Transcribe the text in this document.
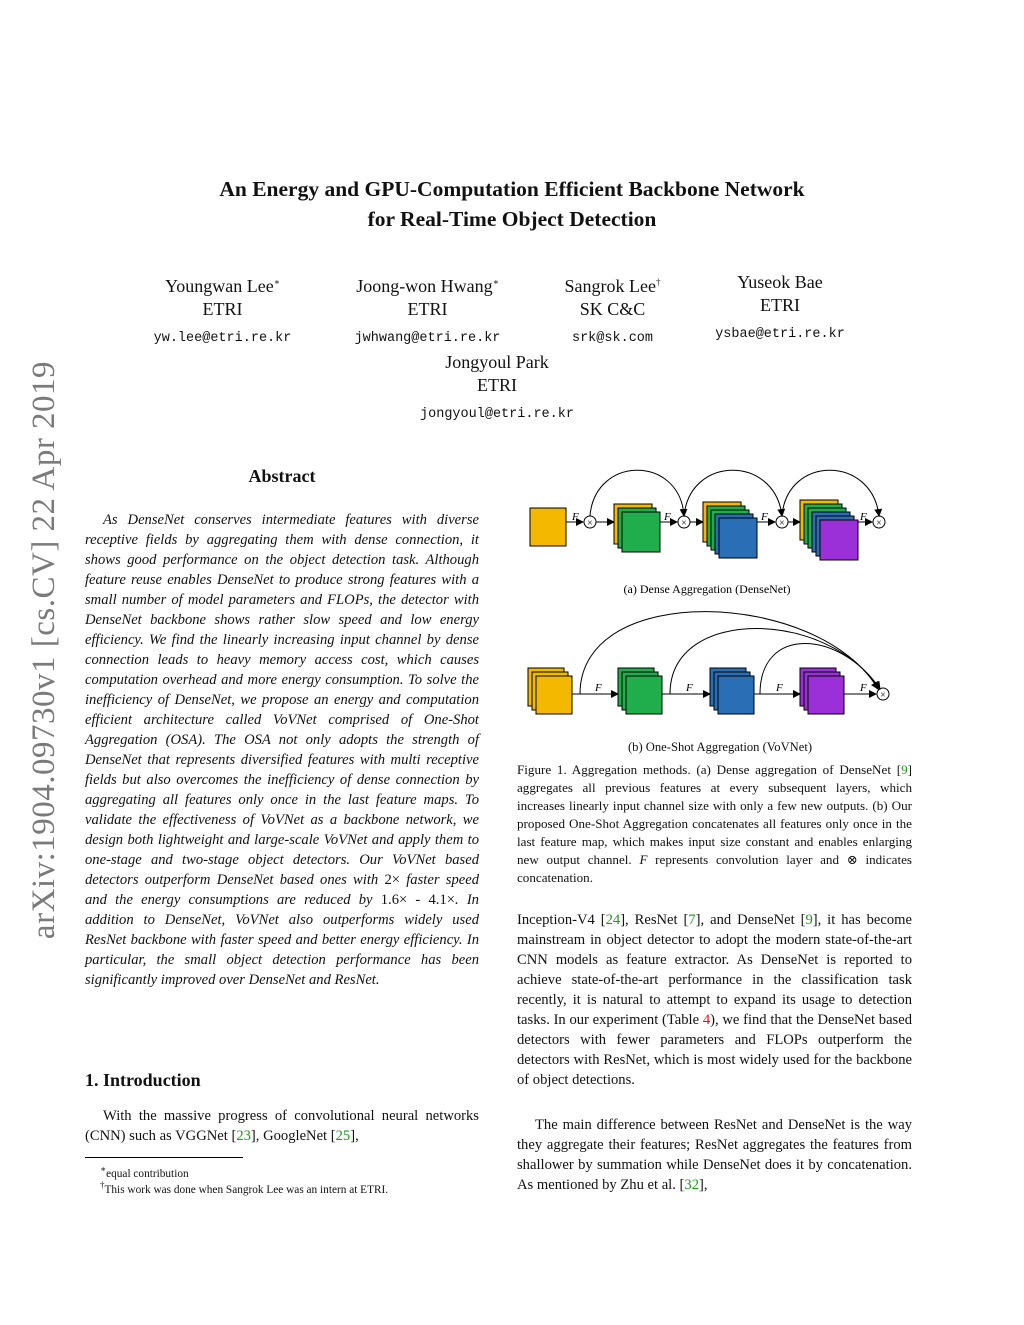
arXiv:1904.09730v1 [cs.CV] 22 Apr 2019
An Energy and GPU-Computation Efficient Backbone Network
for Real-Time Object Detection
Youngwan Lee∗
ETRI
yw.lee@etri.re.kr
Joong-won Hwang∗
ETRI
jwhwang@etri.re.kr
Sangrok Lee†
SK C&C
srk@sk.com
Yuseok Bae
ETRI
ysbae@etri.re.kr
Jongyoul Park
ETRI
jongyoul@etri.re.kr
Abstract
As DenseNet conserves intermediate features with diverse receptive fields by aggregating them with dense connection, it shows good performance on the object detection task. Although feature reuse enables DenseNet to produce strong features with a small number of model parameters and FLOPs, the detector with DenseNet backbone shows rather slow speed and low energy efficiency. We find the linearly increasing input channel by dense connection leads to heavy memory access cost, which causes computation overhead and more energy consumption. To solve the inefficiency of DenseNet, we propose an energy and computation efficient architecture called VoVNet comprised of One-Shot Aggregation (OSA). The OSA not only adopts the strength of DenseNet that represents diversified features with multi receptive fields but also overcomes the inefficiency of dense connection by aggregating all features only once in the last feature maps. To validate the effectiveness of VoVNet as a backbone network, we design both lightweight and large-scale VoVNet and apply them to one-stage and two-stage object detectors. Our VoVNet based detectors outperform DenseNet based ones with 2× faster speed and the energy consumptions are reduced by 1.6× - 4.1×. In addition to DenseNet, VoVNet also outperforms widely used ResNet backbone with faster speed and better energy efficiency. In particular, the small object detection performance has been significantly improved over DenseNet and ResNet.
1. Introduction
With the massive progress of convolutional neural networks (CNN) such as VGGNet [23], GoogleNet [25],
∗equal contribution
†This work was done when Sangrok Lee was an intern at ETRI.
×
F	F
×
F
×
F
×
(a) Dense Aggregation (DenseNet)
F	F	F	F
×
(b) One-Shot Aggregation (VoVNet)
Figure 1. Aggregation methods. (a) Dense aggregation of DenseNet [9] aggregates all previous features at every subsequent layers, which increases linearly input channel size with only a few new outputs. (b) Our proposed One-Shot Aggregation concatenates all features only once in the last feature map, which makes input size constant and enables enlarging new output channel. F represents convolution layer and ⊗ indicates concatenation.
Inception-V4 [24], ResNet [7], and DenseNet [9], it has become mainstream in object detector to adopt the modern state-of-the-art CNN models as feature extractor. As DenseNet is reported to achieve state-of-the-art performance in the classification task recently, it is natural to attempt to expand its usage to detection tasks. In our experiment (Table 4), we find that the DenseNet based detectors with fewer parameters and FLOPs outperform the detectors with ResNet, which is most widely used for the backbone of object detections.
The main difference between ResNet and DenseNet is the way they aggregate their features; ResNet aggregates the features from shallower by summation while DenseNet does it by concatenation. As mentioned by Zhu et al. [32],
